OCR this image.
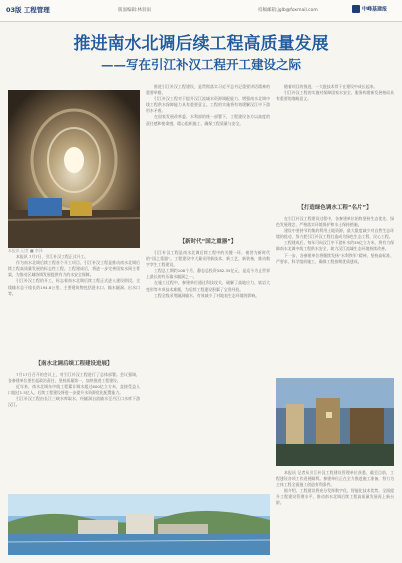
03版 工程管理	版面编辑:林羽雨	投稿邮箱:jglb@foxmail.com	中峰基建报
推进南水北调后续工程高质量发展
——写在引江补汉工程开工建设之际

本报讯 记者 ■ 李泽

本报讯 7月7日，引江补汉工程正式开工。

作为南水北调后续工程首个开工项目，引江补汉工程是推动南水北调后续工程高质量发展的标志性工程。工程建成后，将进一步完善国家水网主骨架，为推动区域协调发展提供有力的水安全保障。

引江补汉工程的开工，标志着南水北调后续工程正式进入建设阶段。全线输水总干线长约194.8公里，主要建筑物包括进水口、输水隧洞、出水口等。

【南水北调后续工程建设进展】

7月17日召开的会议上，对引江补汉工程进行了总体部署。会议强调，各参建单位要扛起政治责任，坚持质量第一，加快推进工程建设。

近年来，南水北调东中线工程累计调水超过600亿立方米，直接受益人口超过1.5亿人。后续工程建设将进一步提升水资源优化配置能力。

引江补汉工程由长江三峡水库取水，经隧洞自流输水至丹江口水库下游汉江。

推进引江补汉工程建设，是贯彻落实习近平总书记重要讲话精神的重要举措。

引江补汉工程对于提升汉江流域水资源调配能力、增强南水北调中线工程供水保障能力具有重要意义。工程的实施将有效缓解汉江中下游用水矛盾。

在国家发展改革委、水利部的统一部署下，工程建设各方以高度的责任感和使命感，精心组织施工，确保工程质量与安全。

【新时代“国之重器”】

引江补汉工程是南水北调后续工程中的关键一环，被誉为新时代的“国之重器”。工程建设中大量采用新技术、新工艺、新装备，推动数字孪生工程建设。

工程总工期约108个月，静态总投资582.35亿元，是迄今为止世界上最长的有压输水隧洞之一。

在施工过程中，参建单位通过科技攻关，破解了高地应力、软岩大变形等多项技术难题，为后续工程建设积累了宝贵经验。

工程全线采用隧洞输水，有效减少了对地表生态环境的影响。

随着项目的推进，一大批技术骨干在建设中成长起来。

引江补汉工程的实施对保障国家水安全、服务构建新发展格局具有重要的战略意义。

【打造绿色调水工程“名片”】

在引江补汉工程建设过程中，各参建单位始终坚持生态优先、绿色发展理念，严格落实环境保护和水土保持措施。

建设中坚持节约集约利用土地资源，最大限度减少对自然生态环境的扰动，努力把引江补汉工程打造成为绿色生态工程、民心工程。

工程建成后，每年可向汉江中下游补水约39亿立方米，将有力保障南水北调中线工程供水安全，助力汉江流域生态环境持续改善。

下一步，各参建单位将继续发扬“水利铁军”精神，坚持高标准、严要求，科学组织施工，确保工程按期优质建成。

本报讯 记者从引江补汉工程建设管理单位获悉，截至目前，工程建设各项工作进展顺利。参建单位正在全力推进施工准备，努力为主体工程全面施工创造有利条件。

据介绍，工程建设将充分发挥数字化、智能化技术优势，全面提升工程建设管理水平，推动南水北调后续工程高质量发展再上新台阶。
